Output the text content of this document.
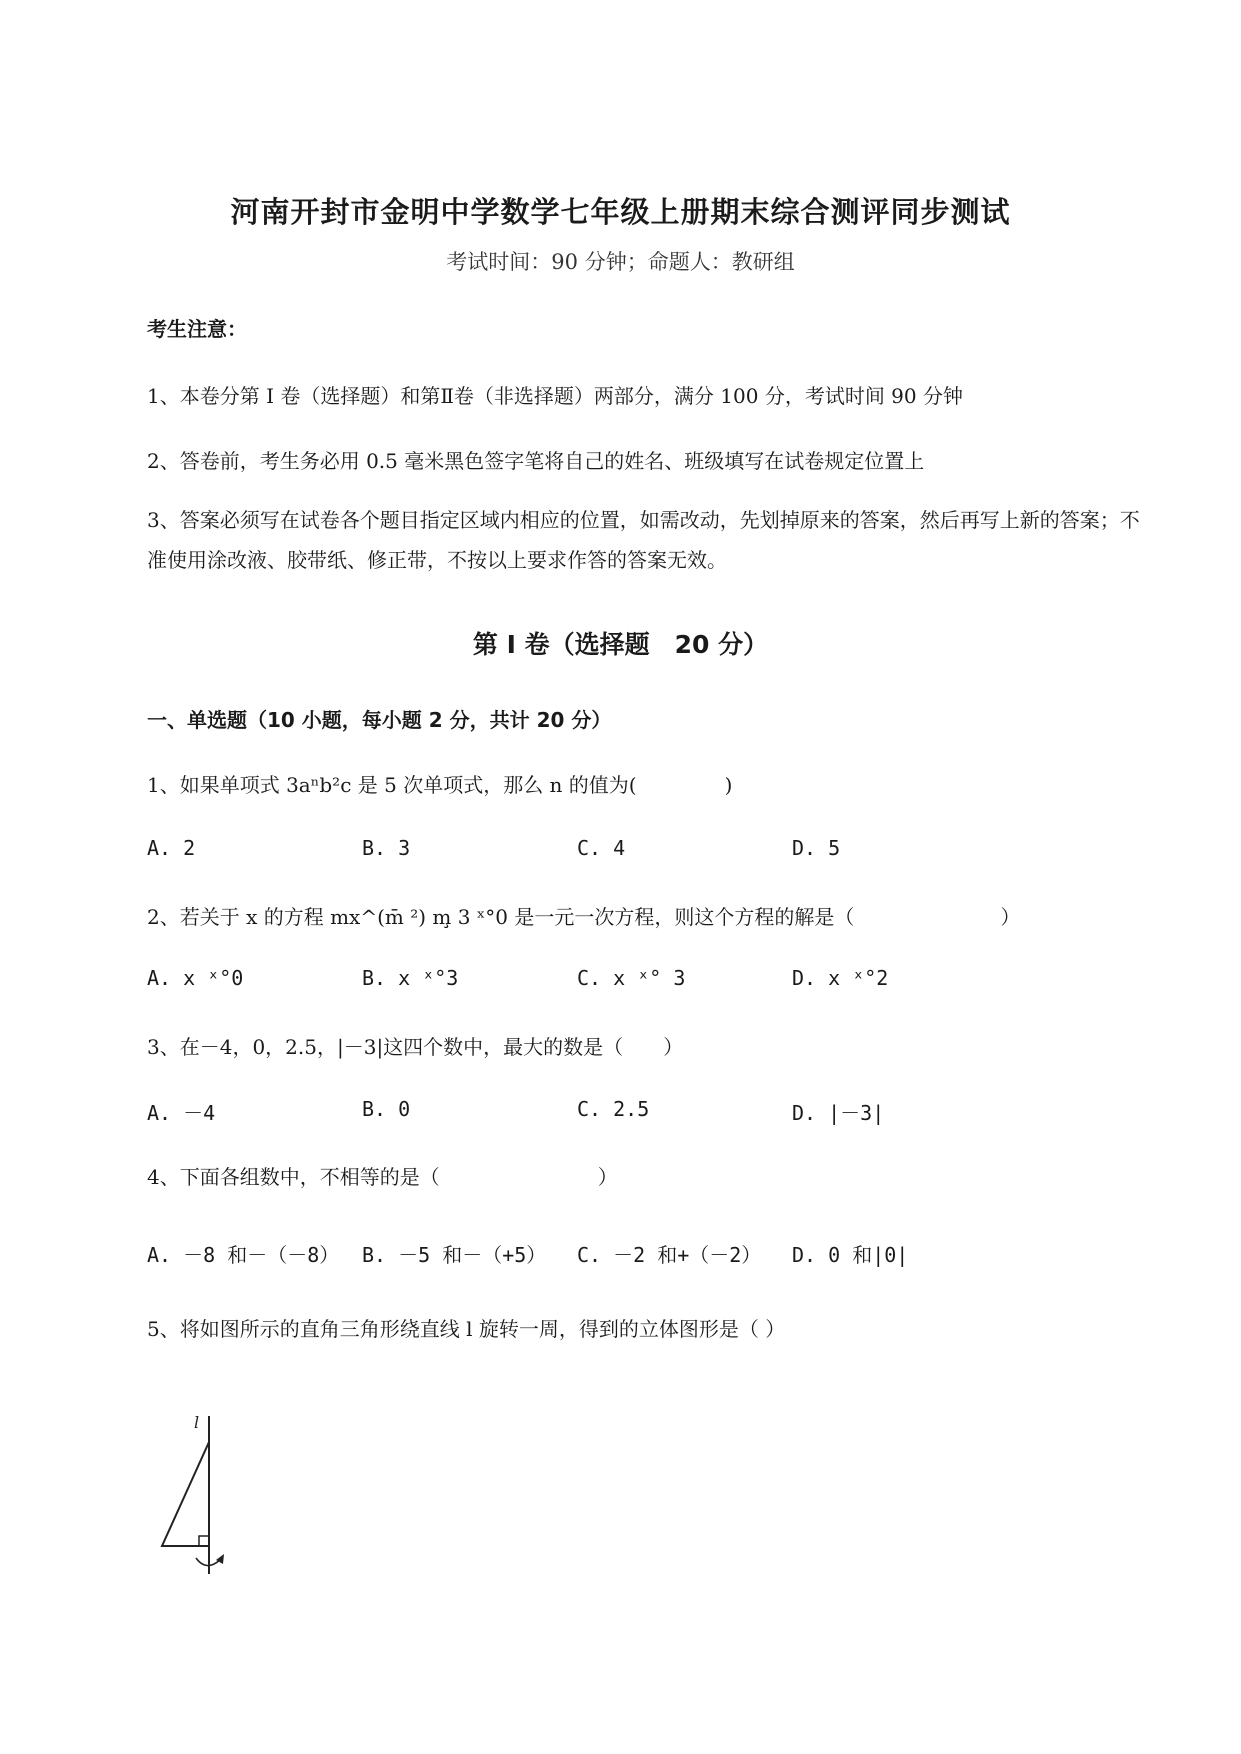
河南开封市金明中学数学七年级上册期末综合测评同步测试
考试时间：90 分钟；命题人：教研组
考生注意：
1、本卷分第 I 卷（选择题）和第Ⅱ卷（非选择题）两部分，满分 100 分，考试时间 90 分钟
2、答卷前，考生务必用 0.5 毫米黑色签字笔将自己的姓名、班级填写在试卷规定位置上
3、答案必须写在试卷各个题目指定区域内相应的位置，如需改动，先划掉原来的答案，然后再写上新的答案；不准使用涂改液、胶带纸、修正带，不按以上要求作答的答案无效。
第 I 卷（选择题　20 分）
一、单选题（10 小题，每小题 2 分，共计 20 分）
1、如果单项式 3aⁿb²c 是 5 次单项式，那么 n 的值为(	)
A. 2	B. 3	C. 4	D. 5
2、若关于 x 的方程 mx^(m̄ ²) m̧ 3 ˣ°0 是一元一次方程，则这个方程的解是（	）
A. x ˣ°0	B. x ˣ°3	C. x ˣ° 3	D. x ˣ°2
3、在－4，0，2.5，|－3|这四个数中，最大的数是（ ）
A. －4	B. 0	C. 2.5	D. |－3|
4、下面各组数中，不相等的是（	）
A. －8 和－（－8） B. －5 和－（+5） C. －2 和+（－2） D. 0 和|0|
5、将如图所示的直角三角形绕直线 l 旋转一周，得到的立体图形是（ ）
l
